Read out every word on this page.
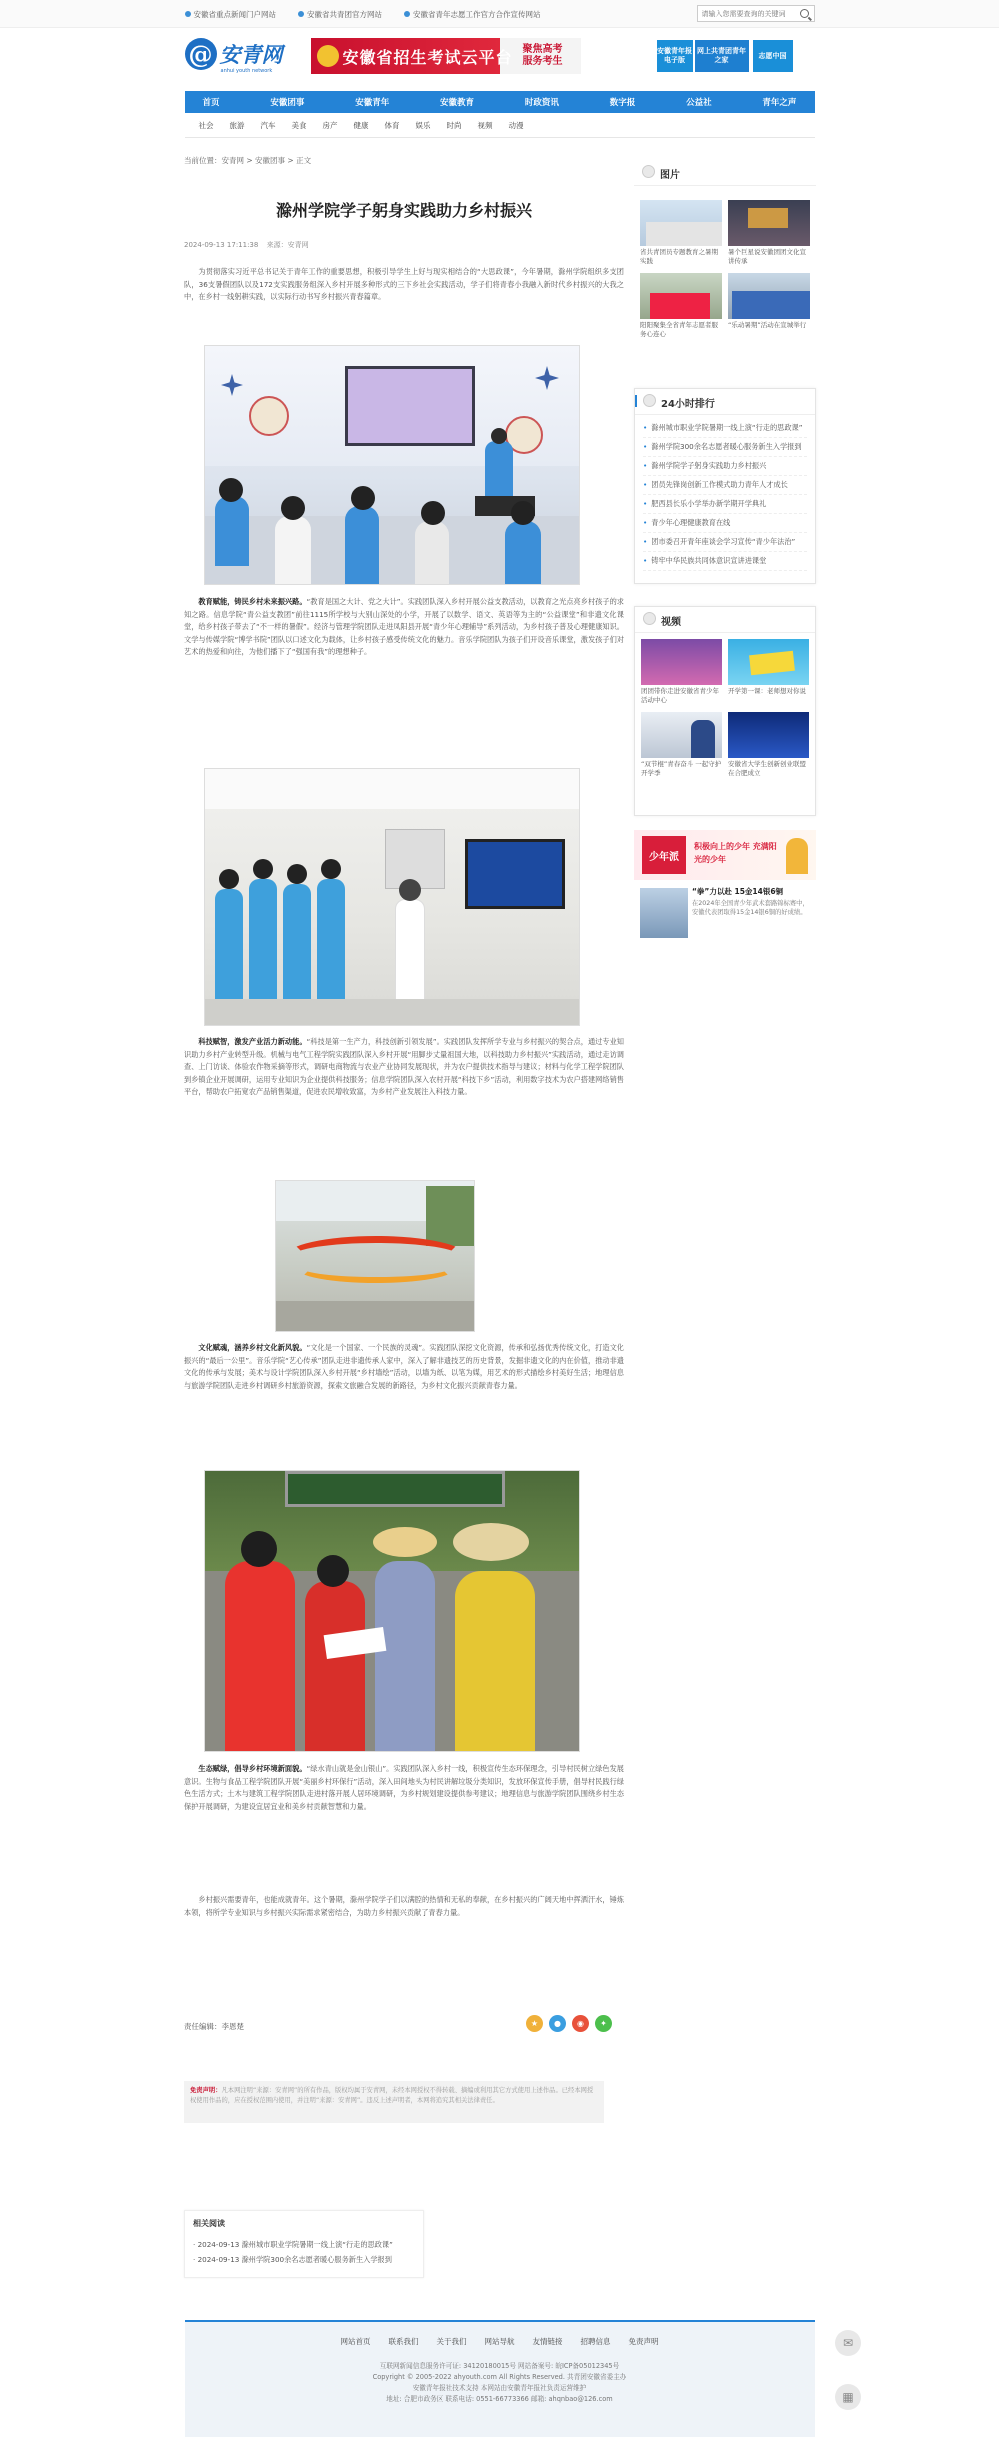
安徽省重点新闻门户网站	安徽省共青团官方网站	安徽省青年志愿工作官方合作宣传网站
请输入您需要查询的关键词
@ 安青网
anhui youth network
安徽省招生考试云平台 聚焦高考
服务考生
安徽青年报电子版
网上共青团青年之家
志愿中国
首页	安徽团事	安徽青年	安徽教育	时政资讯	数字报	公益社	青年之声
社会 旅游 汽车 美食 房产 健康 体育 娱乐 时尚 视频 动漫
当前位置：安青网 > 安徽团事 > 正文
滁州学院学子躬身实践助力乡村振兴
2024-09-13 17:11:38 来源：安青网

为贯彻落实习近平总书记关于青年工作的重要思想，积极引导学生上好与现实相结合的“大思政课”，今年暑期，滁州学院组织多支团队，36支暑假团队以及172支实践服务组深入乡村开展多种形式的三下乡社会实践活动，学子们将青春小我融入新时代乡村振兴的大我之中，在乡村一线躬耕实践，以实际行动书写乡村振兴青春篇章。

教育赋能，铸民乡村未来振兴路。“教育是国之大计、党之大计”。实践团队深入乡村开展公益支教活动，以教育之光点亮乡村孩子的求知之路。信息学院“青公益支教团”前往1115所学校与大别山深处的小学，开展了以数学、语文、英语等为主的“公益课堂”和非遗文化课堂，给乡村孩子带去了“不一样的暑假”。经济与管理学院团队走进凤阳县开展“青少年心理辅导”系列活动，为乡村孩子普及心理健康知识。文学与传媒学院“博学书院”团队以口述文化为载体，让乡村孩子感受传统文化的魅力。音乐学院团队为孩子们开设音乐课堂，激发孩子们对艺术的热爱和向往，为他们播下了“强国有我”的理想种子。

科技赋智，激发产业活力新动能。“科技是第一生产力，科技创新引领发展”。实践团队发挥所学专业与乡村振兴的契合点，通过专业知识助力乡村产业转型升级。机械与电气工程学院实践团队深入乡村开展“用脚步丈量祖国大地，以科技助力乡村振兴”实践活动，通过走访调查、上门访谈、体验农作物采摘等形式，调研电商物流与农业产业协同发展现状，并为农户提供技术指导与建议；材料与化学工程学院团队到乡镇企业开展调研，运用专业知识为企业提供科技服务；信息学院团队深入农村开展“科技下乡”活动，利用数字技术为农户搭建网络销售平台，帮助农户拓宽农产品销售渠道，促进农民增收致富，为乡村产业发展注入科技力量。

文化赋魂，涵养乡村文化新风貌。“文化是一个国家、一个民族的灵魂”。实践团队深挖文化资源，传承和弘扬优秀传统文化，打造文化振兴的“最后一公里”。音乐学院“艺心传承”团队走进非遗传承人家中，深入了解非遗技艺的历史背景，发掘非遗文化的内在价值，推动非遗文化的传承与发展；美术与设计学院团队深入乡村开展“乡村墙绘”活动，以墙为纸、以笔为媒，用艺术的形式描绘乡村美好生活；地理信息与旅游学院团队走进乡村调研乡村旅游资源，探索文旅融合发展的新路径，为乡村文化振兴贡献青春力量。

生态赋绿，倡导乡村环境新面貌。“绿水青山就是金山银山”。实践团队深入乡村一线，积极宣传生态环保理念，引导村民树立绿色发展意识。生物与食品工程学院团队开展“美丽乡村环保行”活动，深入田间地头为村民讲解垃圾分类知识，发放环保宣传手册，倡导村民践行绿色生活方式；土木与建筑工程学院团队走进村落开展人居环境调研，为乡村规划建设提供参考建议；地理信息与旅游学院团队围绕乡村生态保护开展调研，为建设宜居宜业和美乡村贡献智慧和力量。

乡村振兴需要青年，也能成就青年。这个暑期，滁州学院学子们以满腔的热情和无私的奉献，在乡村振兴的广阔天地中挥洒汗水，锤炼本领，将所学专业知识与乡村振兴实际需求紧密结合，为助力乡村振兴贡献了青春力量。

责任编辑：李恩楚	★	●	◉	✦
免责声明：凡本网注明“来源：安青网”的所有作品，版权均属于安青网，未经本网授权不得转载、摘编或利用其它方式使用上述作品。已经本网授权使用作品的，应在授权范围内使用，并注明“来源：安青网”。违反上述声明者，本网将追究其相关法律责任。
相关阅读
· 2024-09-13 滁州城市职业学院暑期一线上演“行走的思政课”
· 2024-09-13 滁州学院300余名志愿者暖心服务新生入学报到
图片
省共青团员专题教育之暑期实践
暑个巨星说安徽团团文化宣讲传承
阳阳聚集全省青年志愿者服务心连心
“乐动暑期”活动在宣城举行
24小时排行
• 滁州城市职业学院暑期一线上演“行走的思政课”
• 滁州学院300余名志愿者暖心服务新生入学报到
• 滁州学院学子躬身实践助力乡村振兴
• 团员先锋岗创新工作模式助力青年人才成长
• 肥西县长乐小学举办新学期开学典礼
• 青少年心理健康教育在线
• 团市委召开青年座谈会学习宣传“青少年法治”
• 铸牢中华民族共同体意识宣讲进课堂
视频
团团带你走进安徽省青少年活动中心
开学第一课：老师想对你说
“双节棍”青春奋斗 一起守护开学季
安徽省大学生创新创业联盟在合肥成立
少年派
积极向上的少年 充满阳光的少年
“拳”力以赴 15金14银6铜
在2024年全国青少年武术套路锦标赛中，安徽代表团取得15金14银6铜的好成绩。
网站首页 联系我们 关于我们 网站导航 友情链接 招聘信息 免责声明
互联网新闻信息服务许可证: 34120180015号 网站备案号: 皖ICP备05012345号
Copyright © 2005-2022 ahyouth.com All Rights Reserved. 共青团安徽省委主办
安徽青年报社技术支持 本网站由安徽青年报社负责运营维护
地址: 合肥市政务区 联系电话: 0551-66773366 邮箱: ahqnbao@126.com
✉
▦
